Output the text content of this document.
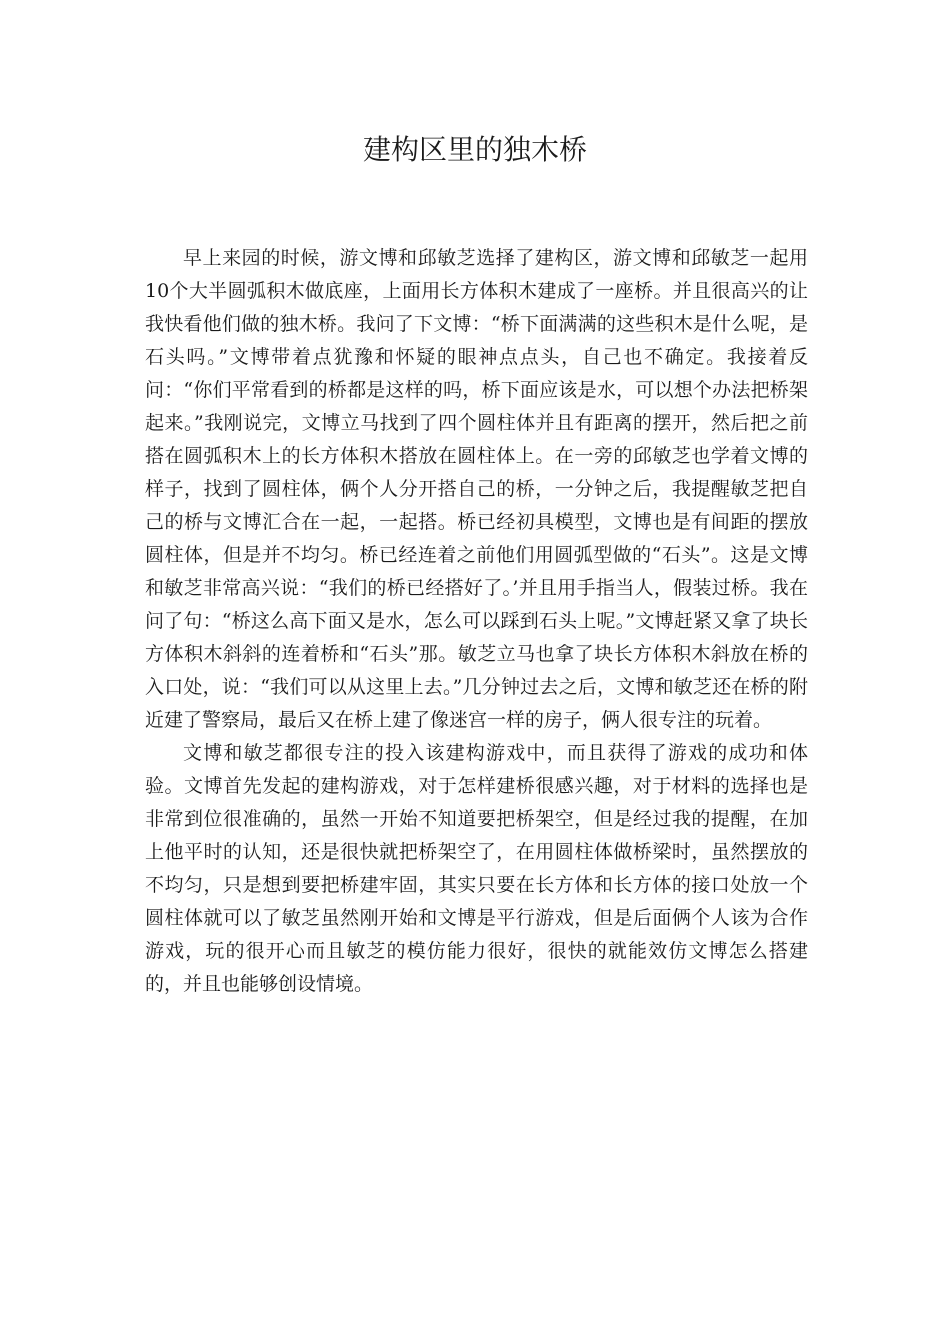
建构区里的独木桥

早上来园的时候，游文博和邱敏芝选择了建构区，游文博和邱敏芝一起用10个大半圆弧积木做底座，上面用长方体积木建成了一座桥。并且很高兴的让我快看他们做的独木桥。我问了下文博：“桥下面满满的这些积木是什么呢，是石头吗。”文博带着点犹豫和怀疑的眼神点点头，自己也不确定。我接着反问：“你们平常看到的桥都是这样的吗，桥下面应该是水，可以想个办法把桥架起来。”我刚说完，文博立马找到了四个圆柱体并且有距离的摆开，然后把之前搭在圆弧积木上的长方体积木搭放在圆柱体上。在一旁的邱敏芝也学着文博的样子，找到了圆柱体，俩个人分开搭自己的桥，一分钟之后，我提醒敏芝把自己的桥与文博汇合在一起，一起搭。桥已经初具模型，文博也是有间距的摆放圆柱体，但是并不均匀。桥已经连着之前他们用圆弧型做的“石头”。这是文博和敏芝非常高兴说：“我们的桥已经搭好了。’并且用手指当人，假装过桥。我在问了句：“桥这么高下面又是水，怎么可以踩到石头上呢。”文博赶紧又拿了块长方体积木斜斜的连着桥和“石头”那。敏芝立马也拿了块长方体积木斜放在桥的入口处，说：“我们可以从这里上去。”几分钟过去之后，文博和敏芝还在桥的附近建了警察局，最后又在桥上建了像迷宫一样的房子，俩人很专注的玩着。

文博和敏芝都很专注的投入该建构游戏中，而且获得了游戏的成功和体验。文博首先发起的建构游戏，对于怎样建桥很感兴趣，对于材料的选择也是非常到位很准确的，虽然一开始不知道要把桥架空，但是经过我的提醒，在加上他平时的认知，还是很快就把桥架空了，在用圆柱体做桥梁时，虽然摆放的不均匀，只是想到要把桥建牢固，其实只要在长方体和长方体的接口处放一个圆柱体就可以了敏芝虽然刚开始和文博是平行游戏，但是后面俩个人该为合作游戏，玩的很开心而且敏芝的模仿能力很好，很快的就能效仿文博怎么搭建的，并且也能够创设情境。
